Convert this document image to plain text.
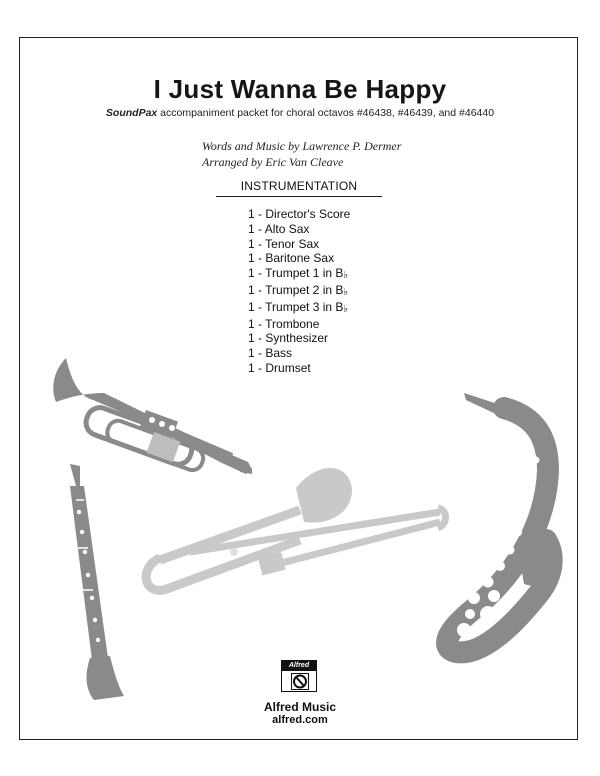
I Just Wanna Be Happy
SoundPax accompaniment packet for choral octavos #46438, #46439, and #46440
Words and Music by Lawrence P. Dermer
Arranged by Eric Van Cleave
INSTRUMENTATION
1 - Director's Score
1 - Alto Sax
1 - Tenor Sax
1 - Baritone Sax
1 - Trumpet 1 in B♭
1 - Trumpet 2 in B♭
1 - Trumpet 3 in B♭
1 - Trombone
1 - Synthesizer
1 - Bass
1 - Drumset
Alfred
Alfred Music
alfred.com
